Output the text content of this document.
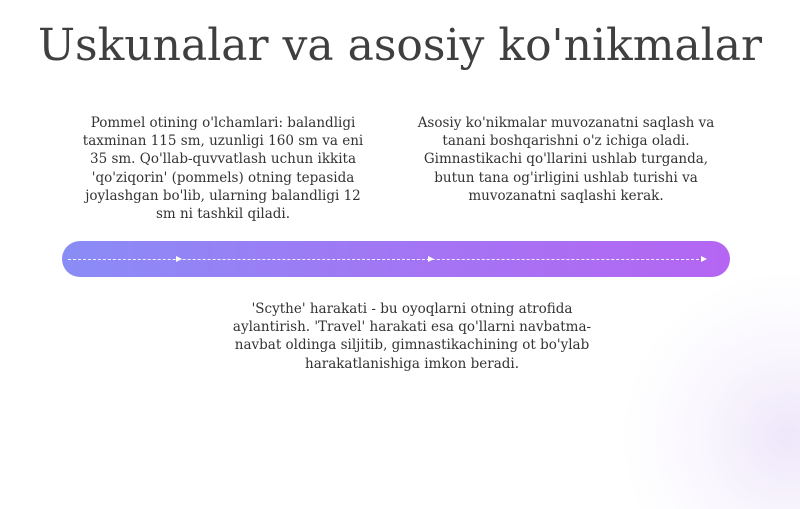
Uskunalar va asosiy ko'nikmalar

Pommel otining o'lchamlari: balandligi taxminan 115 sm, uzunligi 160 sm va eni 35 sm. Qo'llab-quvvatlash uchun ikkita 'qo'ziqorin' (pommels) otning tepasida joylashgan bo'lib, ularning balandligi 12 sm ni tashkil qiladi.

Asosiy ko'nikmalar muvozanatni saqlash va tanani boshqarishni o'z ichiga oladi. Gimnastikachi qo'llarini ushlab turganda, butun tana og'irligini ushlab turishi va muvozanatni saqlashi kerak.

'Scythe' harakati - bu oyoqlarni otning atrofida aylantirish. 'Travel' harakati esa qo'llarni navbatma-navbat oldinga siljitib, gimnastikachining ot bo'ylab harakatlanishiga imkon beradi.
